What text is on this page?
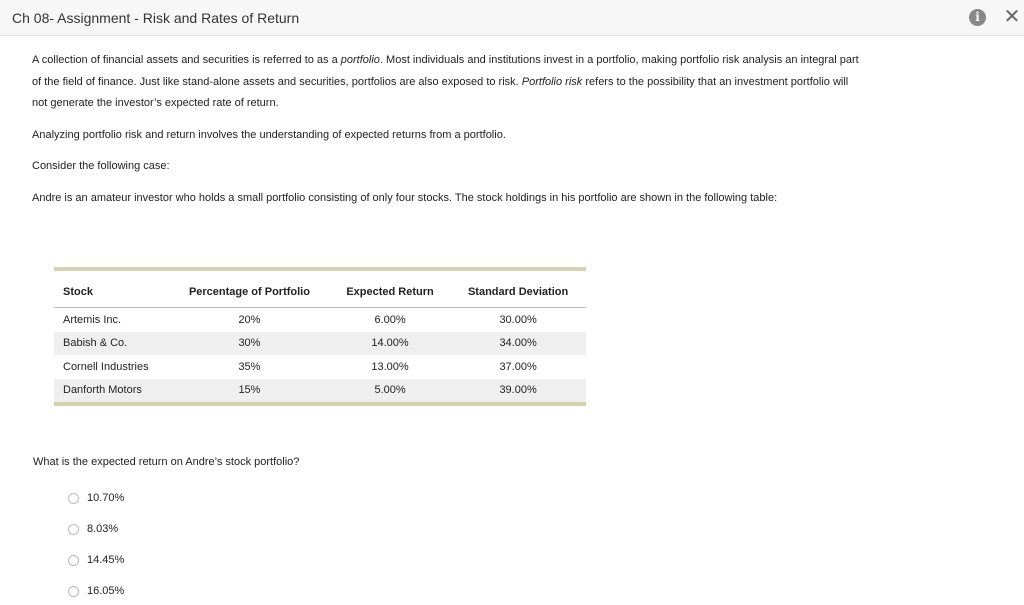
Ch 08- Assignment - Risk and Rates of Return	i	✕

A collection of financial assets and securities is referred to as a portfolio. Most individuals and institutions invest in a portfolio, making portfolio risk analysis an integral part of the field of finance. Just like stand-alone assets and securities, portfolios are also exposed to risk. Portfolio risk refers to the possibility that an investment portfolio will not generate the investor’s expected rate of return.

Analyzing portfolio risk and return involves the understanding of expected returns from a portfolio.

Consider the following case:

Andre is an amateur investor who holds a small portfolio consisting of only four stocks. The stock holdings in his portfolio are shown in the following table:

Stock	Percentage of Portfolio	Expected Return	Standard Deviation
Artemis Inc.	20%	6.00%	30.00%
Babish & Co.	30%	14.00%	34.00%
Cornell Industries	35%	13.00%	37.00%
Danforth Motors	15%	5.00%	39.00%
What is the expected return on Andre’s stock portfolio?
10.70%
8.03%
14.45%
16.05%
